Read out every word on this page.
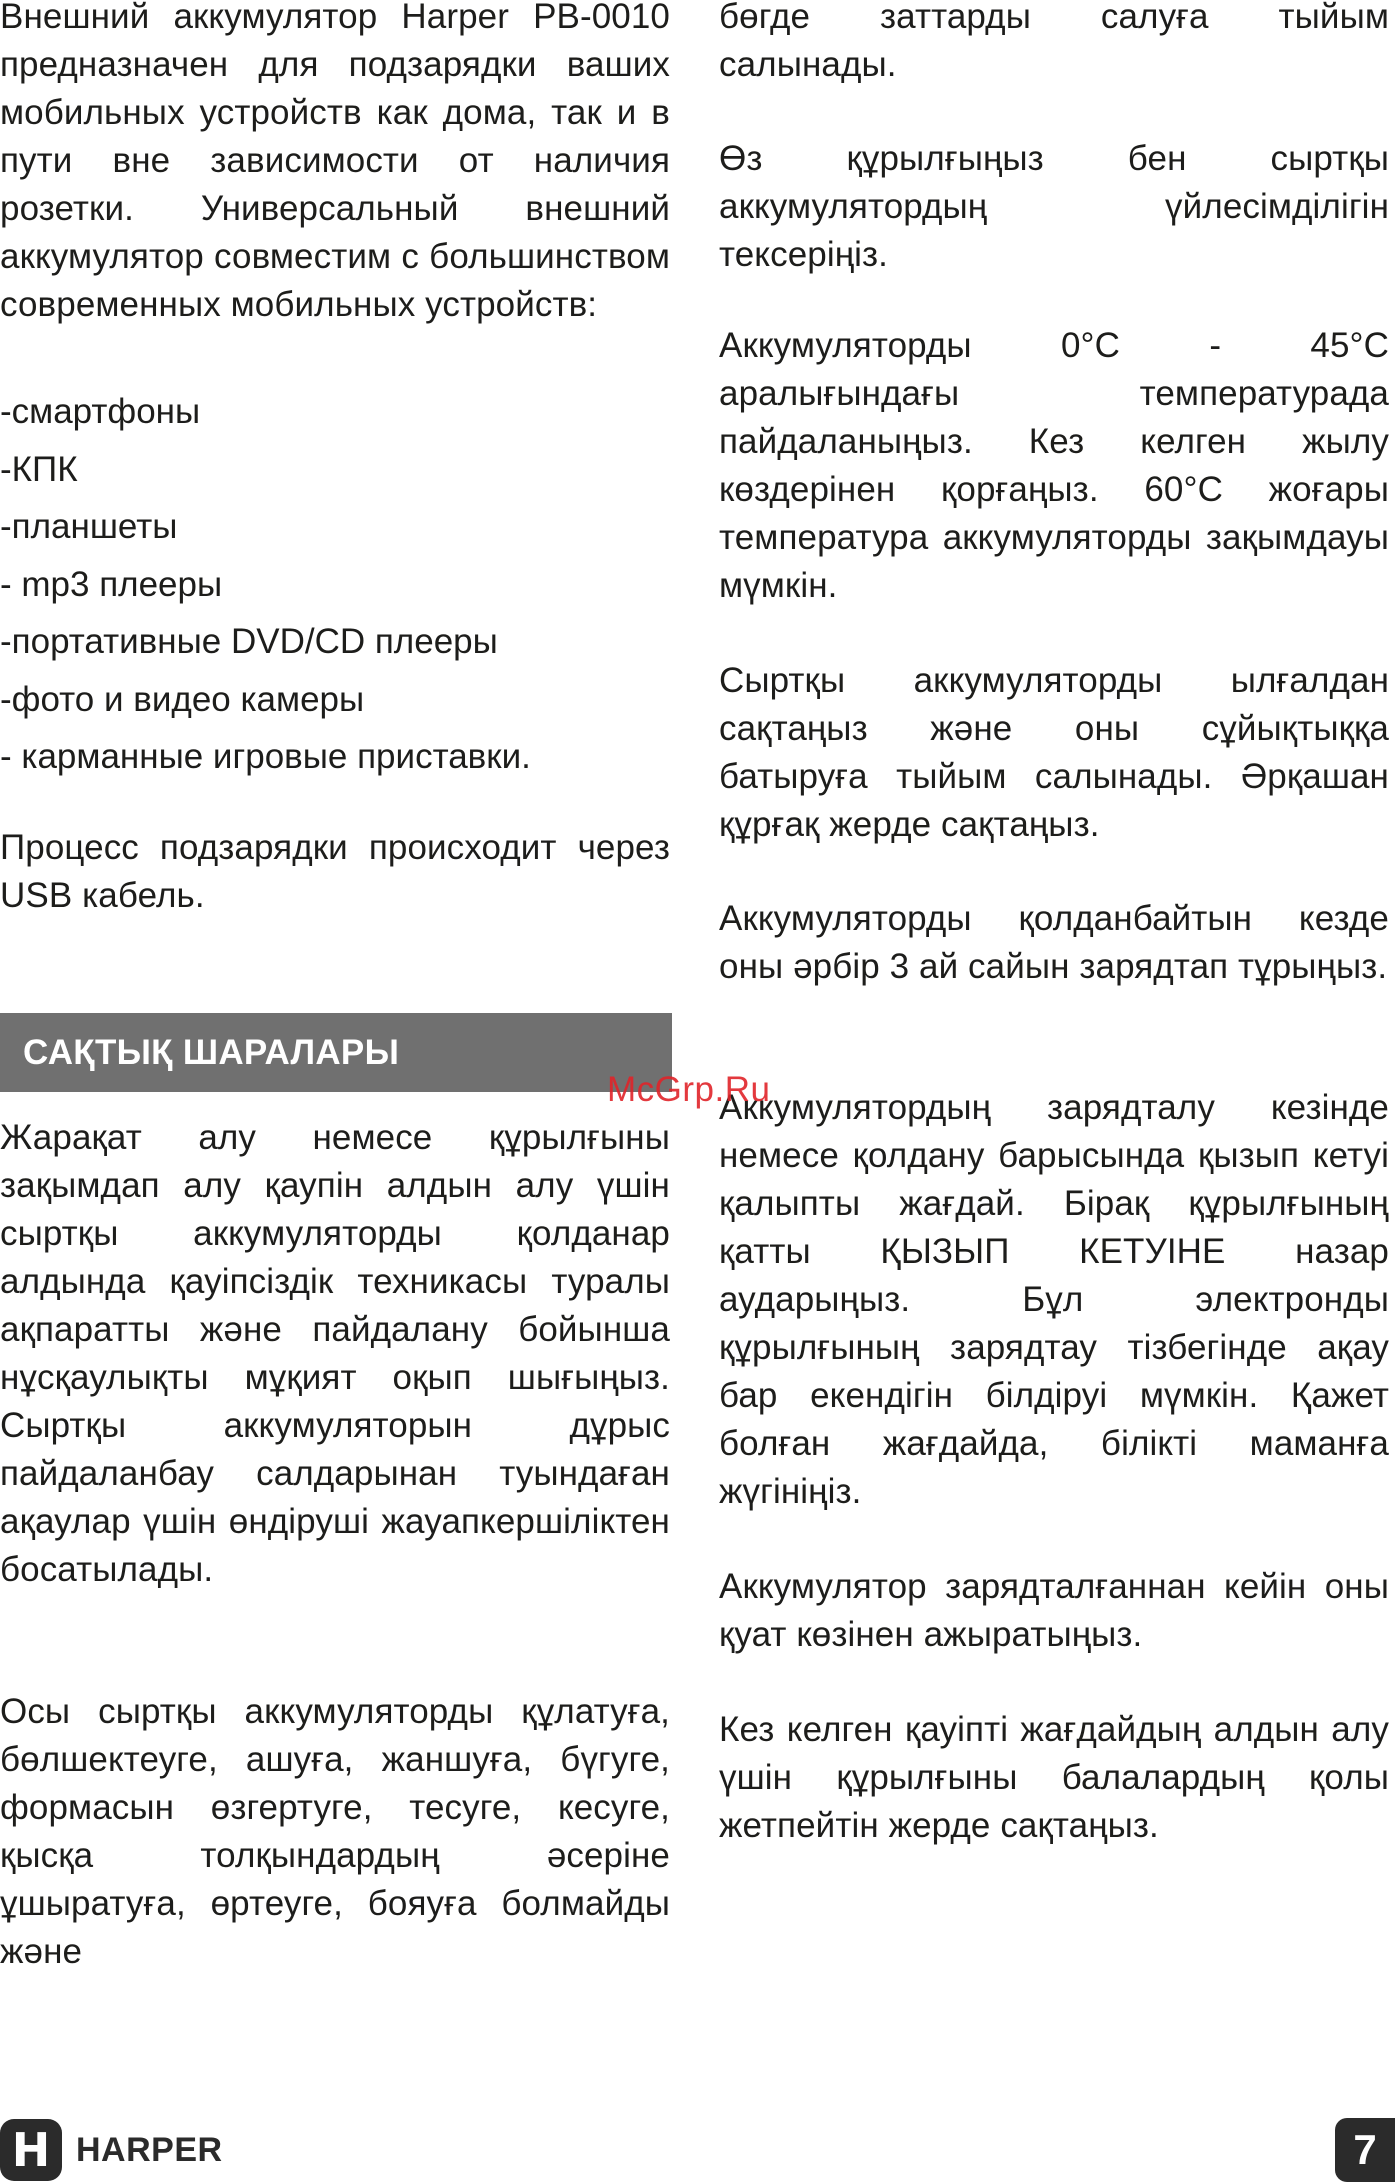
Внешний аккумулятор Harper PB-0010 предназначен для подзарядки ваших мобильных устройств как дома, так и в пути вне зависимости от наличия розетки. Универсальный внешний аккумулятор совместим с большинством современных мобильных устройств:

-смартфоны
-КПК
-планшеты
- mp3 плееры
-портативные DVD/CD плееры
-фото и видео камеры
- карманные игровые приставки.

Процесс подзарядки происходит через USB кабель.

Жарақат алу немесе құрылғыны зақымдап алу қаупін алдын алу үшін сыртқы аккумуляторды қолданар алдында қауіпсіздік техникасы туралы ақпаратты және пайдалану бойынша нұсқаулықты мұқият оқып шығыңыз. Сыртқы аккумуляторын дұрыс пайдаланбау салдарынан туындаған ақаулар үшін өндіруші жауапкершіліктен босатылады.

Осы сыртқы аккумуляторды құлатуға, бөлшектеуге, ашуға, жаншуға, бүгуге, формасын өзгертуге, тесуге, кесуге, қысқа толқындардың әсеріне ұшыратуға, өртеуге, бояуға болмайды және

САҚТЫҚ ШАРАЛАРЫ

бөгде заттарды салуға тыйым салынады.

Өз құрылғыңыз бен сыртқы аккумулятордың үйлесімділігін тексеріңіз.

Аккумуляторды 0°С - 45°С аралығындағы температурада пайдаланыңыз. Кез келген жылу көздерінен қорғаңыз. 60°С жоғары температура аккумуляторды зақымдауы мүмкін.

Сыртқы аккумуляторды ылғалдан сақтаңыз және оны сұйықтыққа батыруға тыйым салынады. Әрқашан құрғақ жерде сақтаңыз.

Аккумуляторды қолданбайтын кезде оны әрбір 3 ай сайын зарядтап тұрыңыз.

Аккумулятордың зарядталу кезінде немесе қолдану барысында қызып кетуі қалыпты жағдай. Бірақ құрылғының қатты ҚЫЗЫП КЕТУІНЕ назар аударыңыз. Бұл электронды құрылғының зарядтау тізбегінде ақау бар екендігін білдіруі мүмкін. Қажет болған жағдайда, білікті маманға жүгініңіз.

Аккумулятор зарядталғаннан кейін оны қуат көзінен ажыратыңыз.

Кез келген қауіпті жағдайдың алдын алу үшін құрылғыны балалардың қолы жетпейтін жерде сақтаңыз.

McGrp.Ru
H HARPER	7
